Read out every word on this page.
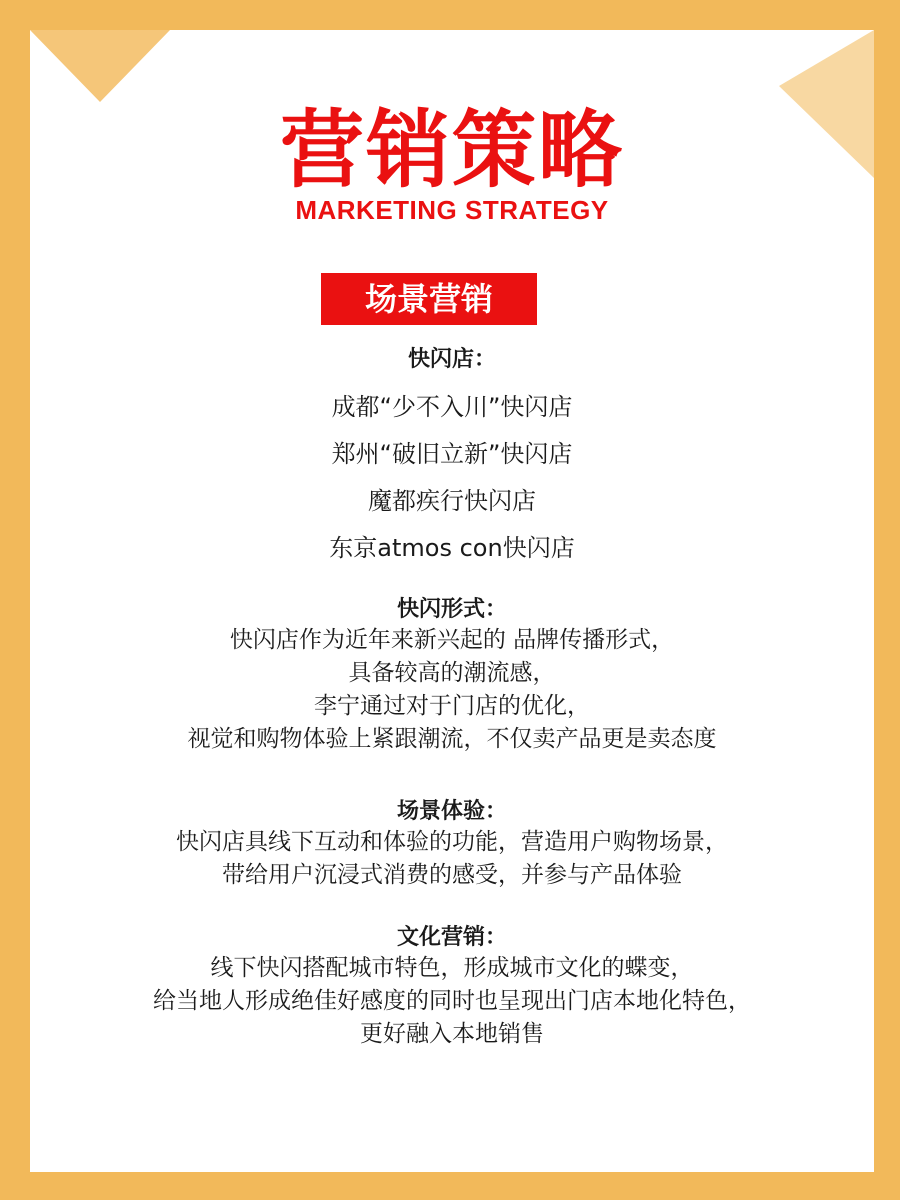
营销策略
MARKETING STRATEGY
场景营销

快闪店：

成都“少不入川”快闪店

郑州“破旧立新”快闪店

魔都疾行快闪店

东京atmos con快闪店

快闪形式：

快闪店作为近年来新兴起的 品牌传播形式，

具备较高的潮流感，

李宁通过对于门店的优化，

视觉和购物体验上紧跟潮流，不仅卖产品更是卖态度

场景体验：

快闪店具线下互动和体验的功能，营造用户购物场景，

带给用户沉浸式消费的感受，并参与产品体验

文化营销：

线下快闪搭配城市特色，形成城市文化的蝶变，

给当地人形成绝佳好感度的同时也呈现出门店本地化特色，

更好融入本地销售
